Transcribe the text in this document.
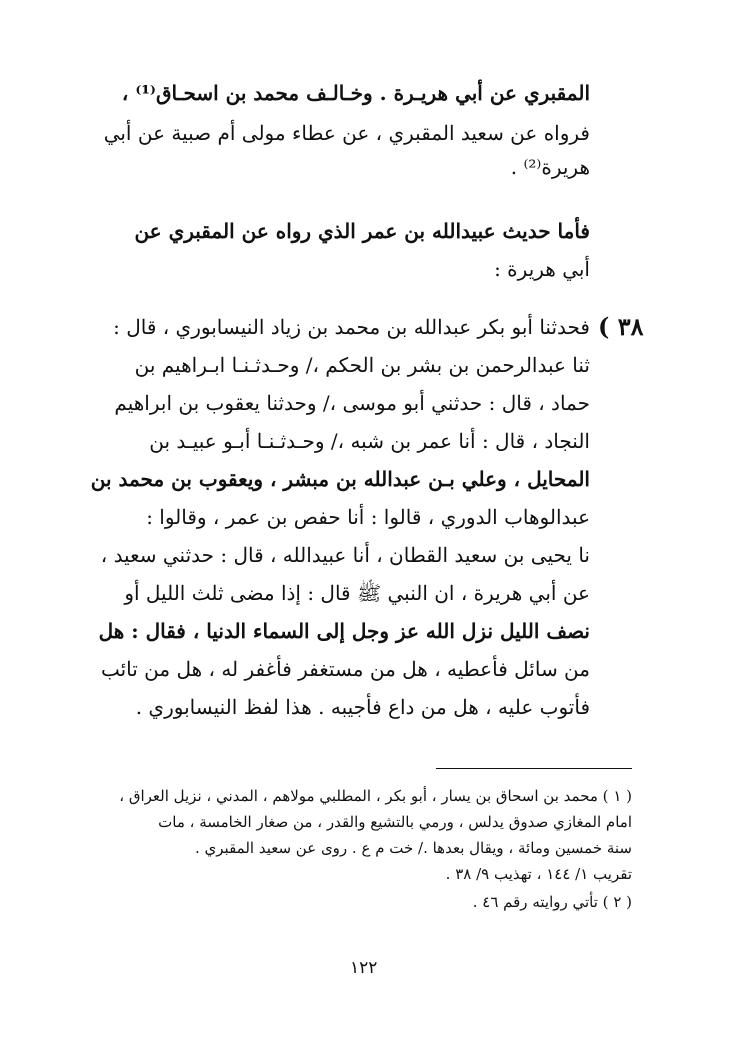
المقبري عن أبي هريـرة . وخـالـف محمد بن اسحـاق⁽¹⁾ ،
فرواه عن سعيد المقبري ، عن عطاء مولى أم صبية عن أبي
هريرة⁽²⁾ .
فأما حديث عبيدالله بن عمر الذي رواه عن المقبري عن
أبي هريرة :
٣٨ )
فحدثنا أبو بكر عبدالله بن محمد بن زياد النيسابوري ، قال :
ثنا عبدالرحمن بن بشر بن الحكم ،/ وحـدثـنـا ابـراهيم بن
حماد ، قال : حدثني أبو موسى ،/ وحدثنا يعقوب بن ابراهيم
النجاد ، قال : أنا عمر بن شبه ،/ وحـدثـنـا أبـو عبيـد بن
المحايل ، وعلي بـن عبدالله بن مبشر ، ويعقوب بن محمد بن
عبدالوهاب الدوري ، قالوا : أنا حفص بن عمر ، وقالوا :
نا يحيى بن سعيد القطان ، أنا عبيدالله ، قال : حدثني سعيد ،
عن أبي هريرة ، ان النبي ﷺ قال : إذا مضى ثلث الليل أو
نصف الليل نزل الله عز وجل إلى السماء الدنيا ، فقال : هل
من سائل فأعطيه ، هل من مستغفر فأغفر له ، هل من تائب
فأتوب عليه ، هل من داع فأجيبه . هذا لفظ النيسابوري .
( ١ ) محمد بن اسحاق بن يسار ، أبو بكر ، المطلبي مولاهم ، المدني ، نزيل العراق ،
امام المغازي صدوق يدلس ، ورمي بالتشيع والقدر ، من صغار الخامسة ، مات
سنة خمسين ومائة ، ويقال بعدها ./ خت م ع . روى عن سعيد المقبري .
تقريب ١/ ١٤٤ ، تهذيب ٩/ ٣٨ .
( ٢ ) تأتي روايته رقم ٤٦ .
١٢٢
